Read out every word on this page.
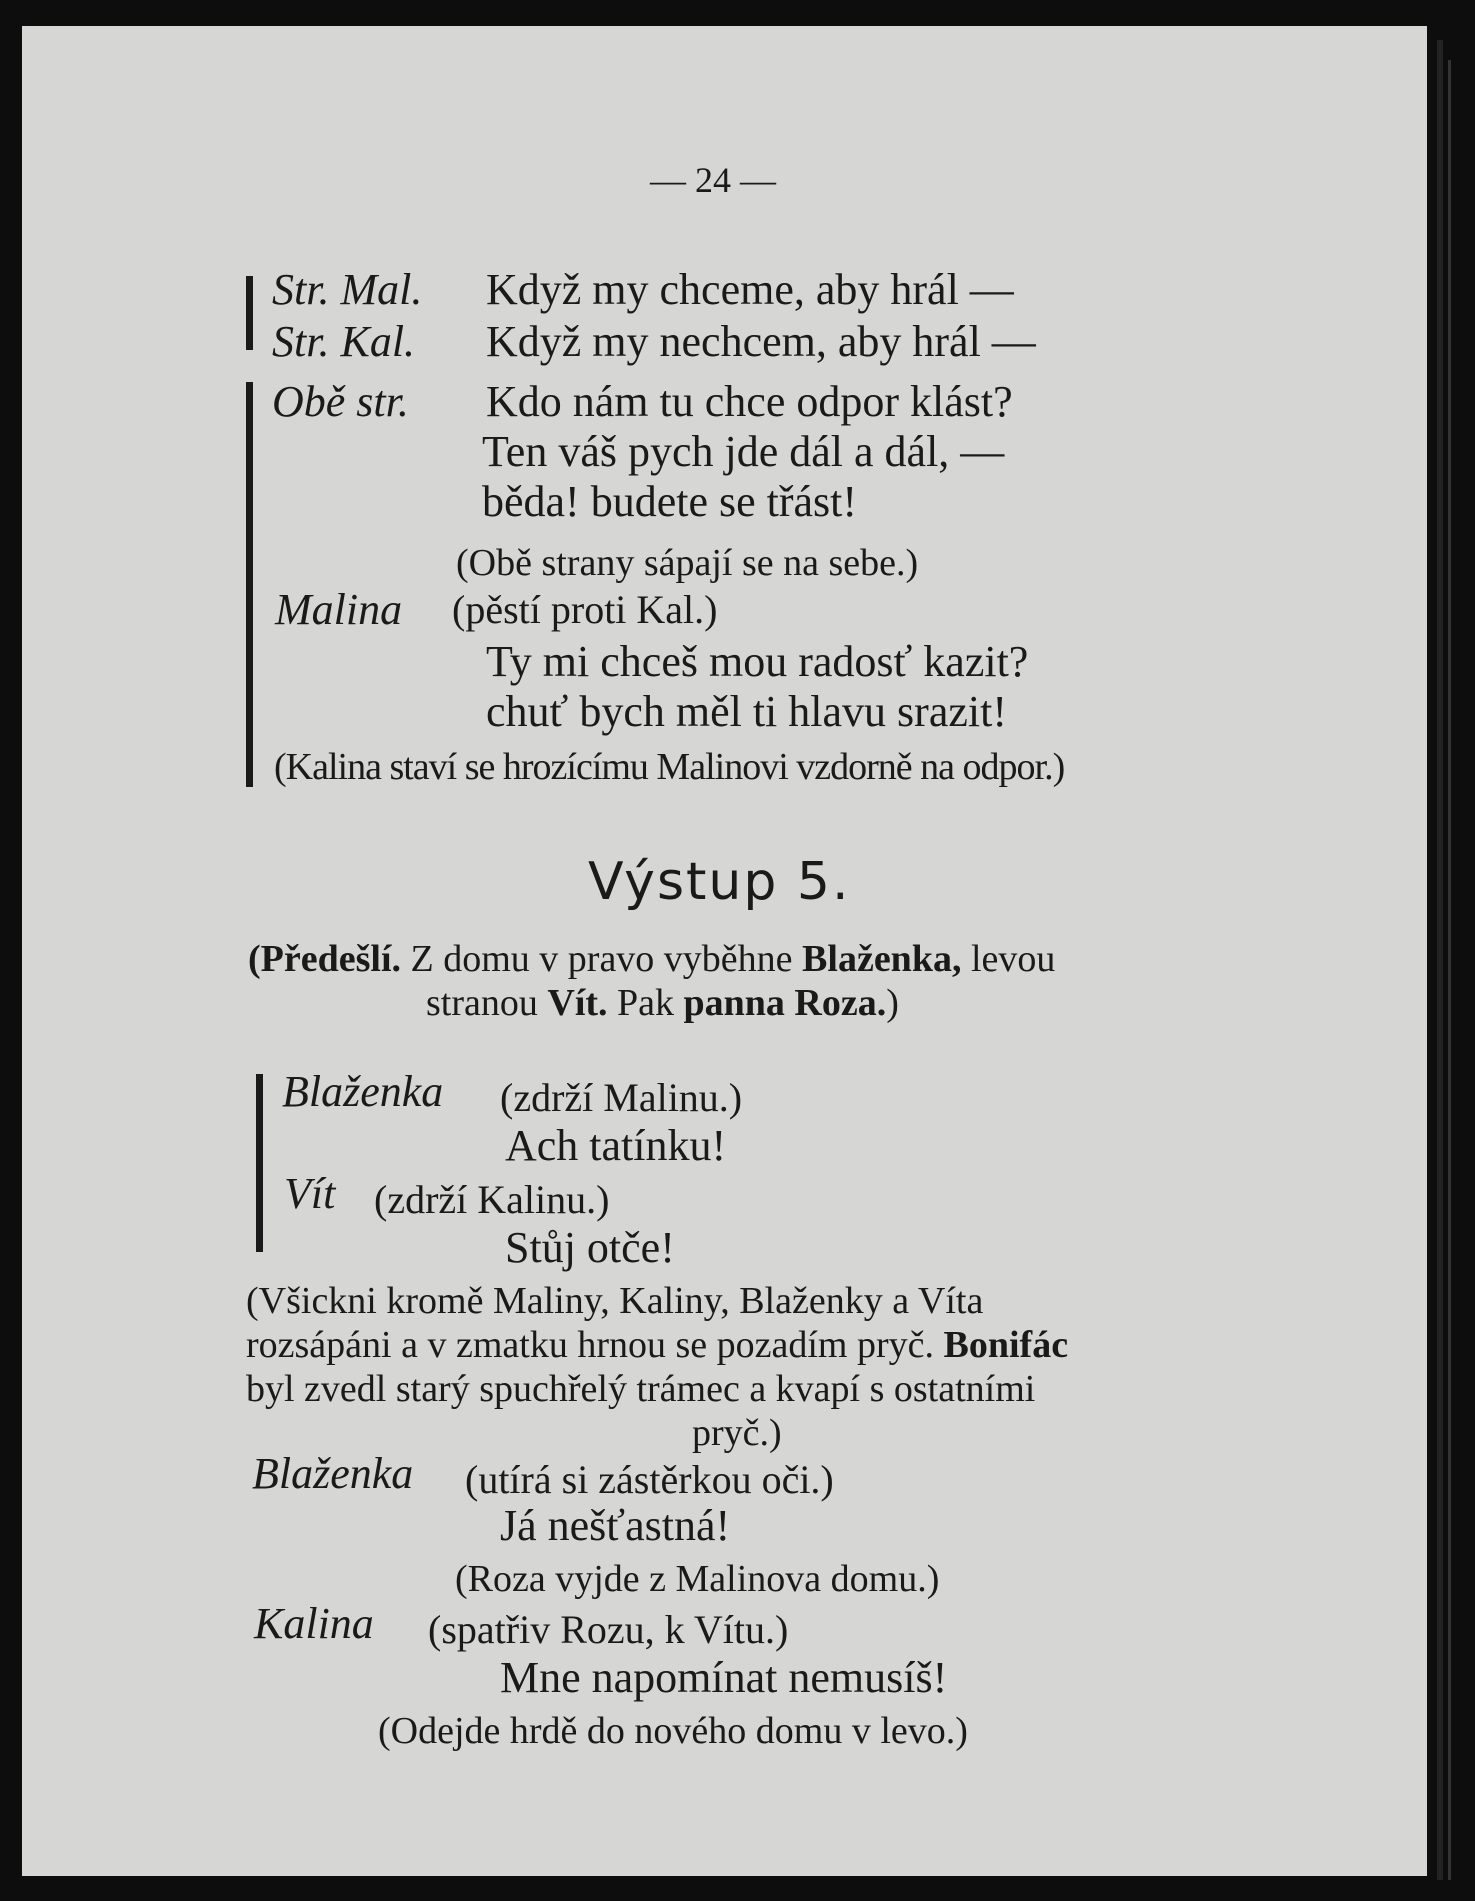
— 24 —
Str. Mal. Když my chceme, aby hrál —
Str. Kal. Když my nechcem, aby hrál —
Obě str. Kdo nám tu chce odpor klást?
Ten váš pych jde dál a dál, —
běda! budete se třást!
(Obě strany sápají se na sebe.)
Malina (pěstí proti Kal.)
Ty mi chceš mou radosť kazit?
chuť bych měl ti hlavu srazit!
(Kalina staví se hrozícímu Malinovi vzdorně na odpor.)
Výstup 5.
(Předešlí. Z domu v pravo vyběhne Blaženka, levou
stranou Vít. Pak panna Roza.)
Blaženka (zdrží Malinu.)
Ach tatínku!
Vít (zdrží Kalinu.)
Stůj otče!
(Všickni kromě Maliny, Kaliny, Blaženky a Víta
rozsápáni a v zmatku hrnou se pozadím pryč. Bonifác
byl zvedl starý spuchřelý trámec a kvapí s ostatními
pryč.)
Blaženka (utírá si zástěrkou oči.)
Já nešťastná!
(Roza vyjde z Malinova domu.)
Kalina (spatřiv Rozu, k Vítu.)
Mne napomínat nemusíš!
(Odejde hrdě do nového domu v levo.)
